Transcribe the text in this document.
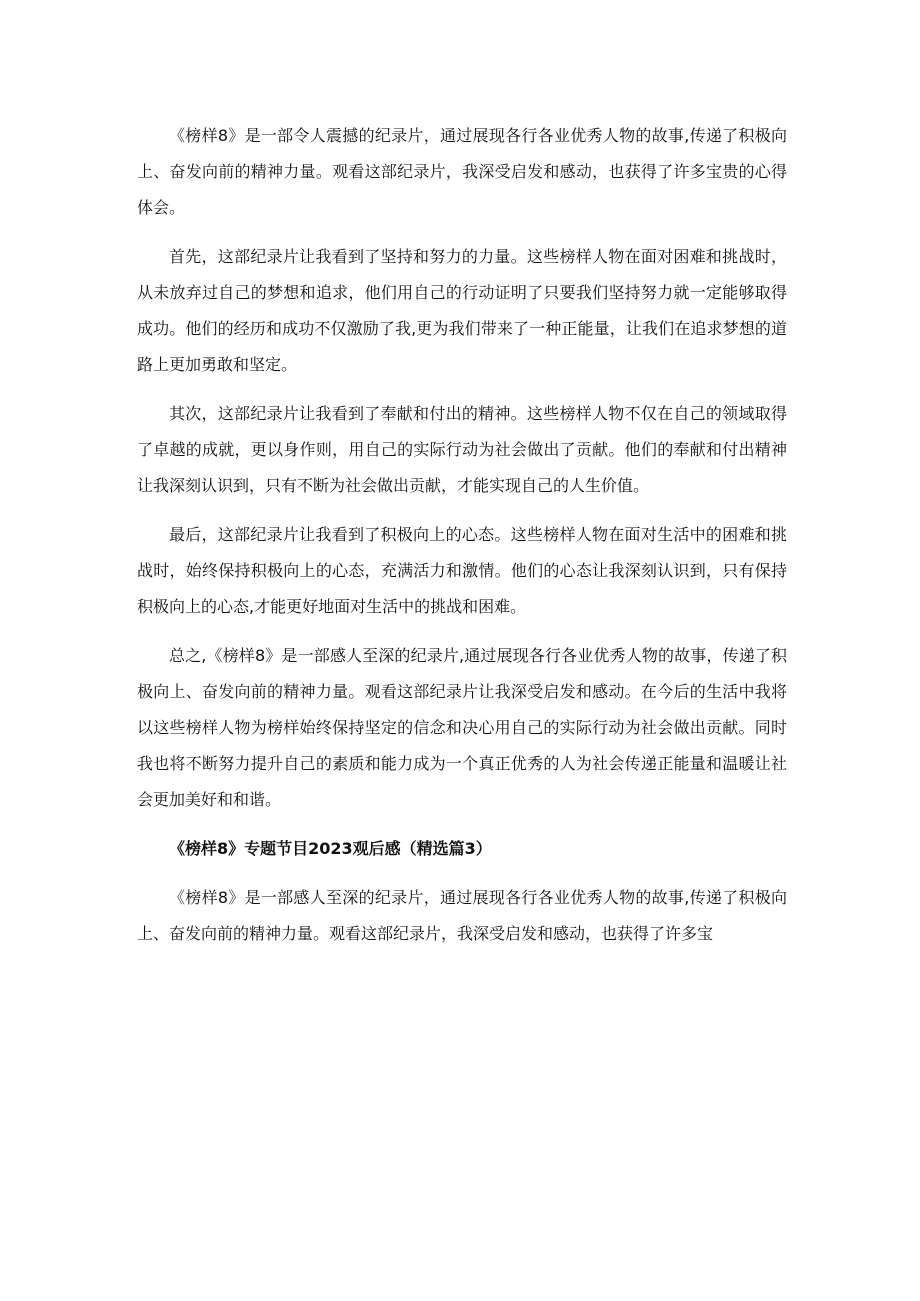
《榜样8》是一部令人震撼的纪录片，通过展现各行各业优秀人物的故事,传递了积极向上、奋发向前的精神力量。观看这部纪录片，我深受启发和感动，也获得了许多宝贵的心得体会。

首先，这部纪录片让我看到了坚持和努力的力量。这些榜样人物在面对困难和挑战时，从未放弃过自己的梦想和追求，他们用自己的行动证明了只要我们坚持努力就一定能够取得成功。他们的经历和成功不仅激励了我,更为我们带来了一种正能量，让我们在追求梦想的道路上更加勇敢和坚定。

其次，这部纪录片让我看到了奉献和付出的精神。这些榜样人物不仅在自己的领域取得了卓越的成就，更以身作则，用自己的实际行动为社会做出了贡献。他们的奉献和付出精神让我深刻认识到，只有不断为社会做出贡献，才能实现自己的人生价值。

最后，这部纪录片让我看到了积极向上的心态。这些榜样人物在面对生活中的困难和挑战时，始终保持积极向上的心态，充满活力和激情。他们的心态让我深刻认识到，只有保持积极向上的心态,才能更好地面对生活中的挑战和困难。

总之,《榜样8》是一部感人至深的纪录片,通过展现各行各业优秀人物的故事，传递了积极向上、奋发向前的精神力量。观看这部纪录片让我深受启发和感动。在今后的生活中我将以这些榜样人物为榜样始终保持坚定的信念和决心用自己的实际行动为社会做出贡献。同时我也将不断努力提升自己的素质和能力成为一个真正优秀的人为社会传递正能量和温暖让社会更加美好和和谐。

《榜样8》专题节目2023观后感（精选篇3）

《榜样8》是一部感人至深的纪录片，通过展现各行各业优秀人物的故事,传递了积极向上、奋发向前的精神力量。观看这部纪录片，我深受启发和感动，也获得了许多宝
